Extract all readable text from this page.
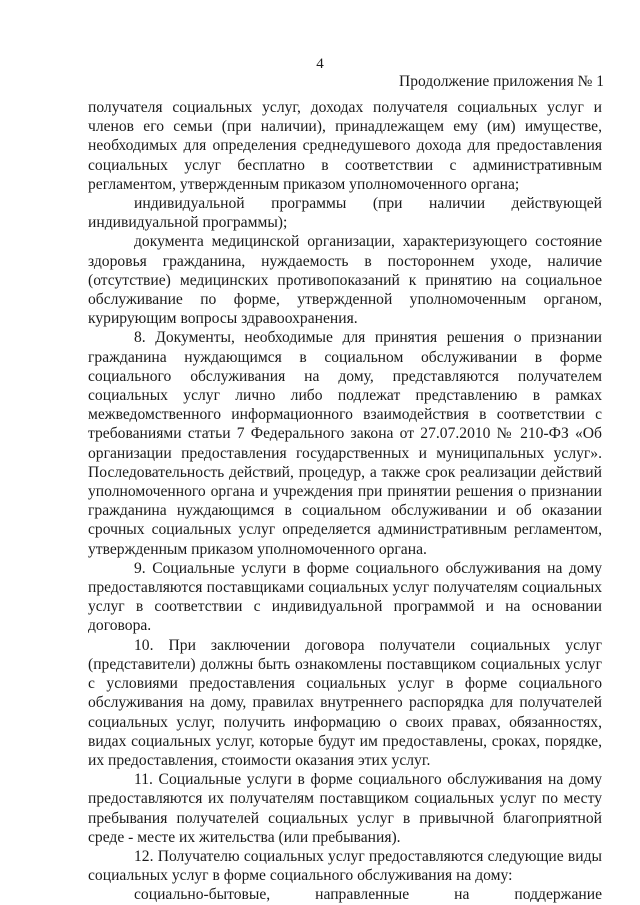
4
Продолжение приложения № 1

получателя социальных услуг, доходах получателя социальных услуг и членов его семьи (при наличии), принадлежащем ему (им) имуществе, необходимых для определения среднедушевого дохода для предоставления социальных услуг бесплатно в соответствии с административным регламентом, утвержденным приказом уполномоченного органа;

индивидуальной программы (при наличии действующей индивидуальной программы);

документа медицинской организации, характеризующего состояние здоровья гражданина, нуждаемость в постороннем уходе, наличие (отсутствие) медицинских противопоказаний к принятию на социальное обслуживание по форме, утвержденной уполномоченным органом, курирующим вопросы здравоохранения.

8. Документы, необходимые для принятия решения о признании гражданина нуждающимся в социальном обслуживании в форме социального обслуживания на дому, представляются получателем социальных услуг лично либо подлежат представлению в рамках межведомственного информационного взаимодействия в соответствии с требованиями статьи 7 Федерального закона от 27.07.2010 № 210-ФЗ «Об организации предоставления государственных и муниципальных услуг». Последовательность действий, процедур, а также срок реализации действий уполномоченного органа и учреждения при принятии решения о признании гражданина нуждающимся в социальном обслуживании и об оказании срочных социальных услуг определяется административным регламентом, утвержденным приказом уполномоченного органа.

9. Социальные услуги в форме социального обслуживания на дому предоставляются поставщиками социальных услуг получателям социальных услуг в соответствии с индивидуальной программой и на основании договора.

10. При заключении договора получатели социальных услуг (представители) должны быть ознакомлены поставщиком социальных услуг с условиями предоставления социальных услуг в форме социального обслуживания на дому, правилах внутреннего распорядка для получателей социальных услуг, получить информацию о своих правах, обязанностях, видах социальных услуг, которые будут им предоставлены, сроках, порядке, их предоставления, стоимости оказания этих услуг.

11. Социальные услуги в форме социального обслуживания на дому предоставляются их получателям поставщиком социальных услуг по месту пребывания получателей социальных услуг в привычной благоприятной среде - месте их жительства (или пребывания).

12. Получателю социальных услуг предоставляются следующие виды социальных услуг в форме социального обслуживания на дому:

социально-бытовые, направленные на поддержание
